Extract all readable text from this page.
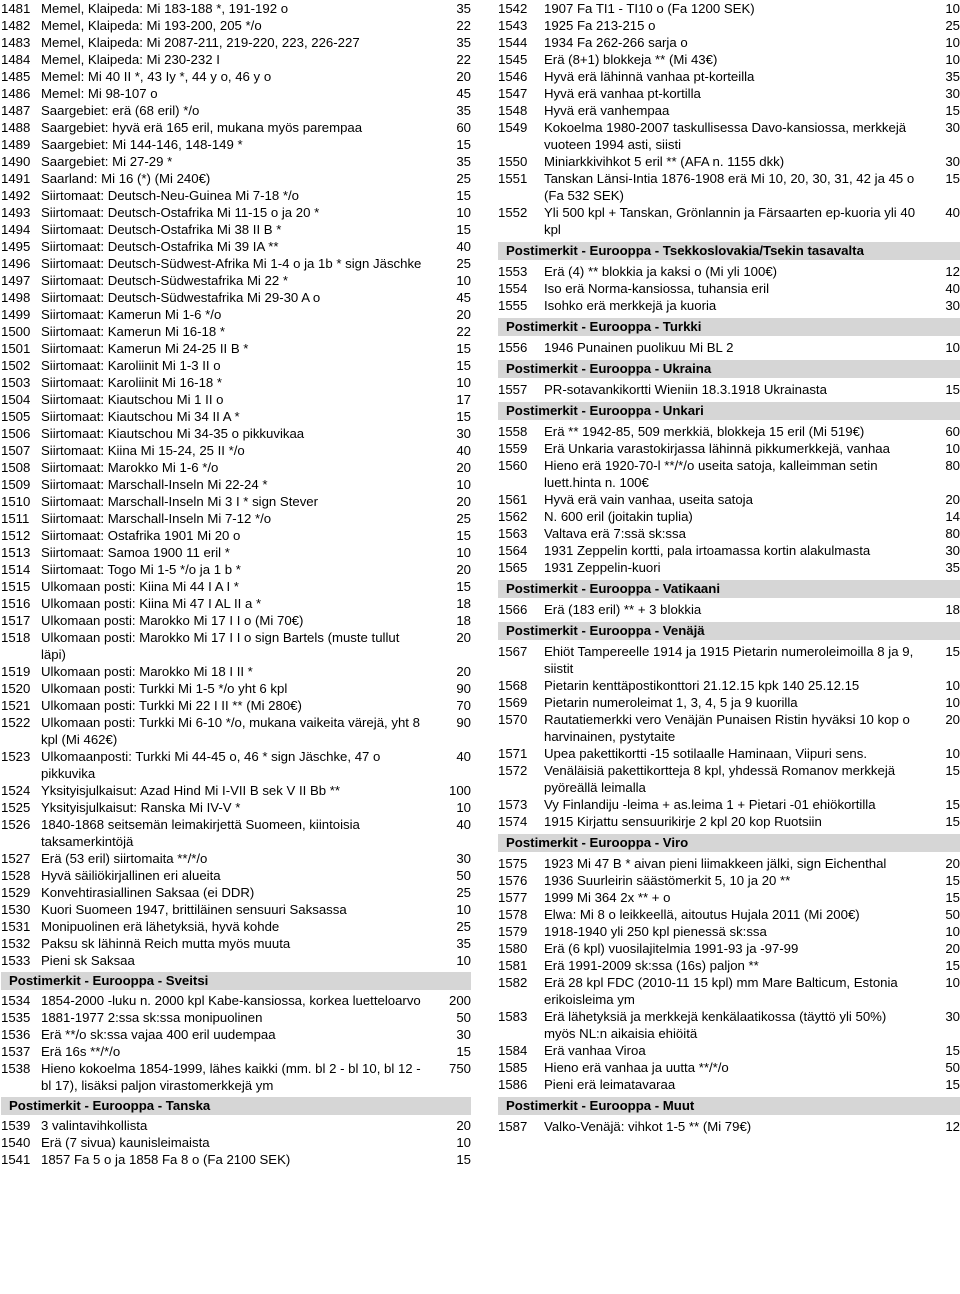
1481 Memel, Klaipeda: Mi 183-188 *, 191-192 o	35
1482 Memel, Klaipeda: Mi 193-200, 205 */o	22
1483 Memel, Klaipeda: Mi 2087-211, 219-220, 223, 226-227	35
1484 Memel, Klaipeda: Mi 230-232 I	22
1485 Memel: Mi 40 II *, 43 Iy *, 44 y o, 46 y o	20
1486 Memel: Mi 98-107 o	45
1487 Saargebiet: erä (68 eril) */o	35
1488 Saargebiet: hyvä erä 165 eril, mukana myös parempaa	60
1489 Saargebiet: Mi 144-146, 148-149 *	15
1490 Saargebiet: Mi 27-29 *	35
1491 Saarland: Mi 16 (*) (Mi 240€)	25
1492 Siirtomaat: Deutsch-Neu-Guinea Mi 7-18 */o	15
1493 Siirtomaat: Deutsch-Ostafrika Mi 11-15 o ja 20 *	10
1494 Siirtomaat: Deutsch-Ostafrika Mi 38 II B *	15
1495 Siirtomaat: Deutsch-Ostafrika Mi 39 IA **	40
1496 Siirtomaat: Deutsch-Südwest-Afrika Mi 1-4 o ja 1b * sign Jäschke	25
1497 Siirtomaat: Deutsch-Südwestafrika Mi 22 *	10
1498 Siirtomaat: Deutsch-Südwestafrika Mi 29-30 A o	45
1499 Siirtomaat: Kamerun Mi 1-6 */o	20
1500 Siirtomaat: Kamerun Mi 16-18 *	22
1501 Siirtomaat: Kamerun Mi 24-25 II B *	15
1502 Siirtomaat: Karoliinit Mi 1-3 II o	15
1503 Siirtomaat: Karoliinit Mi 16-18 *	10
1504 Siirtomaat: Kiautschou Mi 1 II o	17
1505 Siirtomaat: Kiautschou Mi 34 II A *	15
1506 Siirtomaat: Kiautschou Mi 34-35 o pikkuvikaa	30
1507 Siirtomaat: Kiina Mi 15-24, 25 II */o	40
1508 Siirtomaat: Marokko Mi 1-6 */o	20
1509 Siirtomaat: Marschall-Inseln Mi 22-24 *	10
1510 Siirtomaat: Marschall-Inseln Mi 3 I * sign Stever	20
1511 Siirtomaat: Marschall-Inseln Mi 7-12 */o	25
1512 Siirtomaat: Ostafrika 1901 Mi 20 o	15
1513 Siirtomaat: Samoa 1900 11 eril *	10
1514 Siirtomaat: Togo Mi 1-5 */o ja 1 b *	20
1515 Ulkomaan posti: Kiina Mi 44 I A I *	15
1516 Ulkomaan posti: Kiina Mi 47 I AL II a *	18
1517 Ulkomaan posti: Marokko Mi 17 I I o (Mi 70€)	18
1518 Ulkomaan posti: Marokko Mi 17 I I o sign Bartels (muste tullut läpi)
20
1519 Ulkomaan posti: Marokko Mi 18 I II *	20
1520 Ulkomaan posti: Turkki Mi 1-5 */o yht 6 kpl	90
1521 Ulkomaan posti: Turkki Mi 22 I II ** (Mi 280€)	70
1522 Ulkomaan posti: Turkki Mi 6-10 */o, mukana vaikeita värejä, yht 8 kpl (Mi 462€)
90
1523 Ulkomaanposti: Turkki Mi 44-45 o, 46 * sign Jäschke, 47 o pikkuvika
40
1524 Yksityisjulkaisut: Azad Hind Mi I-VII B sek V II Bb **	100
1525 Yksityisjulkaisut: Ranska Mi IV-V *	10
1526 1840-1868 seitsemän leimakirjettä Suomeen, kiintoisia taksamerkintöjä
40
1527 Erä (53 eril) siirtomaita **/*/o	30
1528 Hyvä säiliökirjallinen eri alueita	50
1529 Konvehtirasiallinen Saksaa (ei DDR)	25
1530 Kuori Suomeen 1947, brittiläinen sensuuri Saksassa	10
1531 Monipuolinen erä lähetyksiä, hyvä kohde	25
1532 Paksu sk lähinnä Reich mutta myös muuta	35
1533 Pieni sk Saksaa	10
Postimerkit - Eurooppa - Sveitsi
1534 1854-2000 -luku n. 2000 kpl Kabe-kansiossa, korkea luetteloarvo	200
1535 1881-1977 2:ssa sk:ssa monipuolinen	50
1536 Erä **/o sk:ssa vajaa 400 eril uudempaa	30
1537 Erä 16s **/*/o	15
1538 Hieno kokoelma 1854-1999, lähes kaikki (mm. bl 2 - bl 10, bl 12 - bl 17), lisäksi paljon virastomerkkejä ym
750
Postimerkit - Eurooppa - Tanska
1539 3 valintavihkollista	20
1540 Erä (7 sivua) kaunisleimaista	10
1541 1857 Fa 5 o ja 1858 Fa 8 o (Fa 2100 SEK)	15
1542	1907 Fa TI1 - TI10 o (Fa 1200 SEK)	10
1543	1925 Fa 213-215 o	25
1544	1934 Fa 262-266 sarja o	10
1545	Erä (8+1) blokkeja ** (Mi 43€)	10
1546	Hyvä erä lähinnä vanhaa pt-korteilla	35
1547	Hyvä erä vanhaa pt-kortilla	30
1548	Hyvä erä vanhempaa	15
1549	Kokoelma 1980-2007 taskullisessa Davo-kansiossa, merkkejä vuoteen 1994 asti, siisti
30
1550	Miniarkkivihkot 5 eril ** (AFA n. 1155 dkk)	30
1551	Tanskan Länsi-Intia 1876-1908 erä Mi 10, 20, 30, 31, 42 ja 45 o (Fa 532 SEK)
15
1552	Yli 500 kpl + Tanskan, Grönlannin ja Färsaarten ep-kuoria yli 40 kpl
40
Postimerkit - Eurooppa - Tsekkoslovakia/Tsekin tasavalta
1553	Erä (4) ** blokkia ja kaksi o (Mi yli 100€)	12
1554	Iso erä Norma-kansiossa, tuhansia eril	40
1555	Isohko erä merkkejä ja kuoria	30
Postimerkit - Eurooppa - Turkki
1556	1946 Punainen puolikuu Mi BL 2	10
Postimerkit - Eurooppa - Ukraina
1557	PR-sotavankikortti Wieniin 18.3.1918 Ukrainasta	15
Postimerkit - Eurooppa - Unkari
1558	Erä ** 1942-85, 509 merkkiä, blokkeja 15 eril (Mi 519€)	60
1559	Erä Unkaria varastokirjassa lähinnä pikkumerkkejä, vanhaa	10
1560	Hieno erä 1920-70-l **/*/o useita satoja, kalleimman setin luett.hinta n. 100€
80
1561	Hyvä erä vain vanhaa, useita satoja	20
1562	N. 600 eril (joitakin tuplia)	14
1563	Valtava erä 7:ssä sk:ssa	80
1564	1931 Zeppelin kortti, pala irtoamassa kortin alakulmasta	30
1565	1931 Zeppelin-kuori	35
Postimerkit - Eurooppa - Vatikaani
1566	Erä (183 eril) ** + 3 blokkia	18
Postimerkit - Eurooppa - Venäjä
1567	Ehiöt Tampereelle 1914 ja 1915 Pietarin numeroleimoilla 8 ja 9, siistit
15
1568	Pietarin kenttäpostikonttori 21.12.15 kpk 140 25.12.15	10
1569	Pietarin numeroleimat 1, 3, 4, 5 ja 9 kuorilla	10
1570	Rautatiemerkki vero Venäjän Punaisen Ristin hyväksi 10 kop o harvinainen, pystytaite
20
1571	Upea pakettikortti -15 sotilaalle Haminaan, Viipuri sens.	10
1572	Venäläisiä pakettikortteja 8 kpl, yhdessä Romanov merkkejä pyöreällä leimalla
15
1573	Vy Finlandiju -leima + as.leima 1 + Pietari -01 ehiökortilla	15
1574	1915 Kirjattu sensuurikirje 2 kpl 20 kop Ruotsiin	15
Postimerkit - Eurooppa - Viro
1575	1923 Mi 47 B * aivan pieni liimakkeen jälki, sign Eichenthal	20
1576	1936 Suurleirin säästömerkit 5, 10 ja 20 **	15
1577	1999 Mi 364 2x ** + o	15
1578	Elwa: Mi 8 o leikkeellä, aitoutus Hujala 2011 (Mi 200€)	50
1579	1918-1940 yli 250 kpl pienessä sk:ssa	10
1580	Erä (6 kpl) vuosilajitelmia 1991-93 ja -97-99	20
1581	Erä 1991-2009 sk:ssa (16s) paljon **	15
1582	Erä 28 kpl FDC (2010-11 15 kpl) mm Mare Balticum, Estonia erikoisleima ym
10
1583	Erä lähetyksiä ja merkkejä kenkälaatikossa (täyttö yli 50%) myös NL:n aikaisia ehiöitä
30
1584	Erä vanhaa Viroa	15
1585	Hieno erä vanhaa ja uutta **/*/o	50
1586	Pieni erä leimatavaraa	15
Postimerkit - Eurooppa - Muut
1587	Valko-Venäjä: vihkot 1-5 ** (Mi 79€)	12
